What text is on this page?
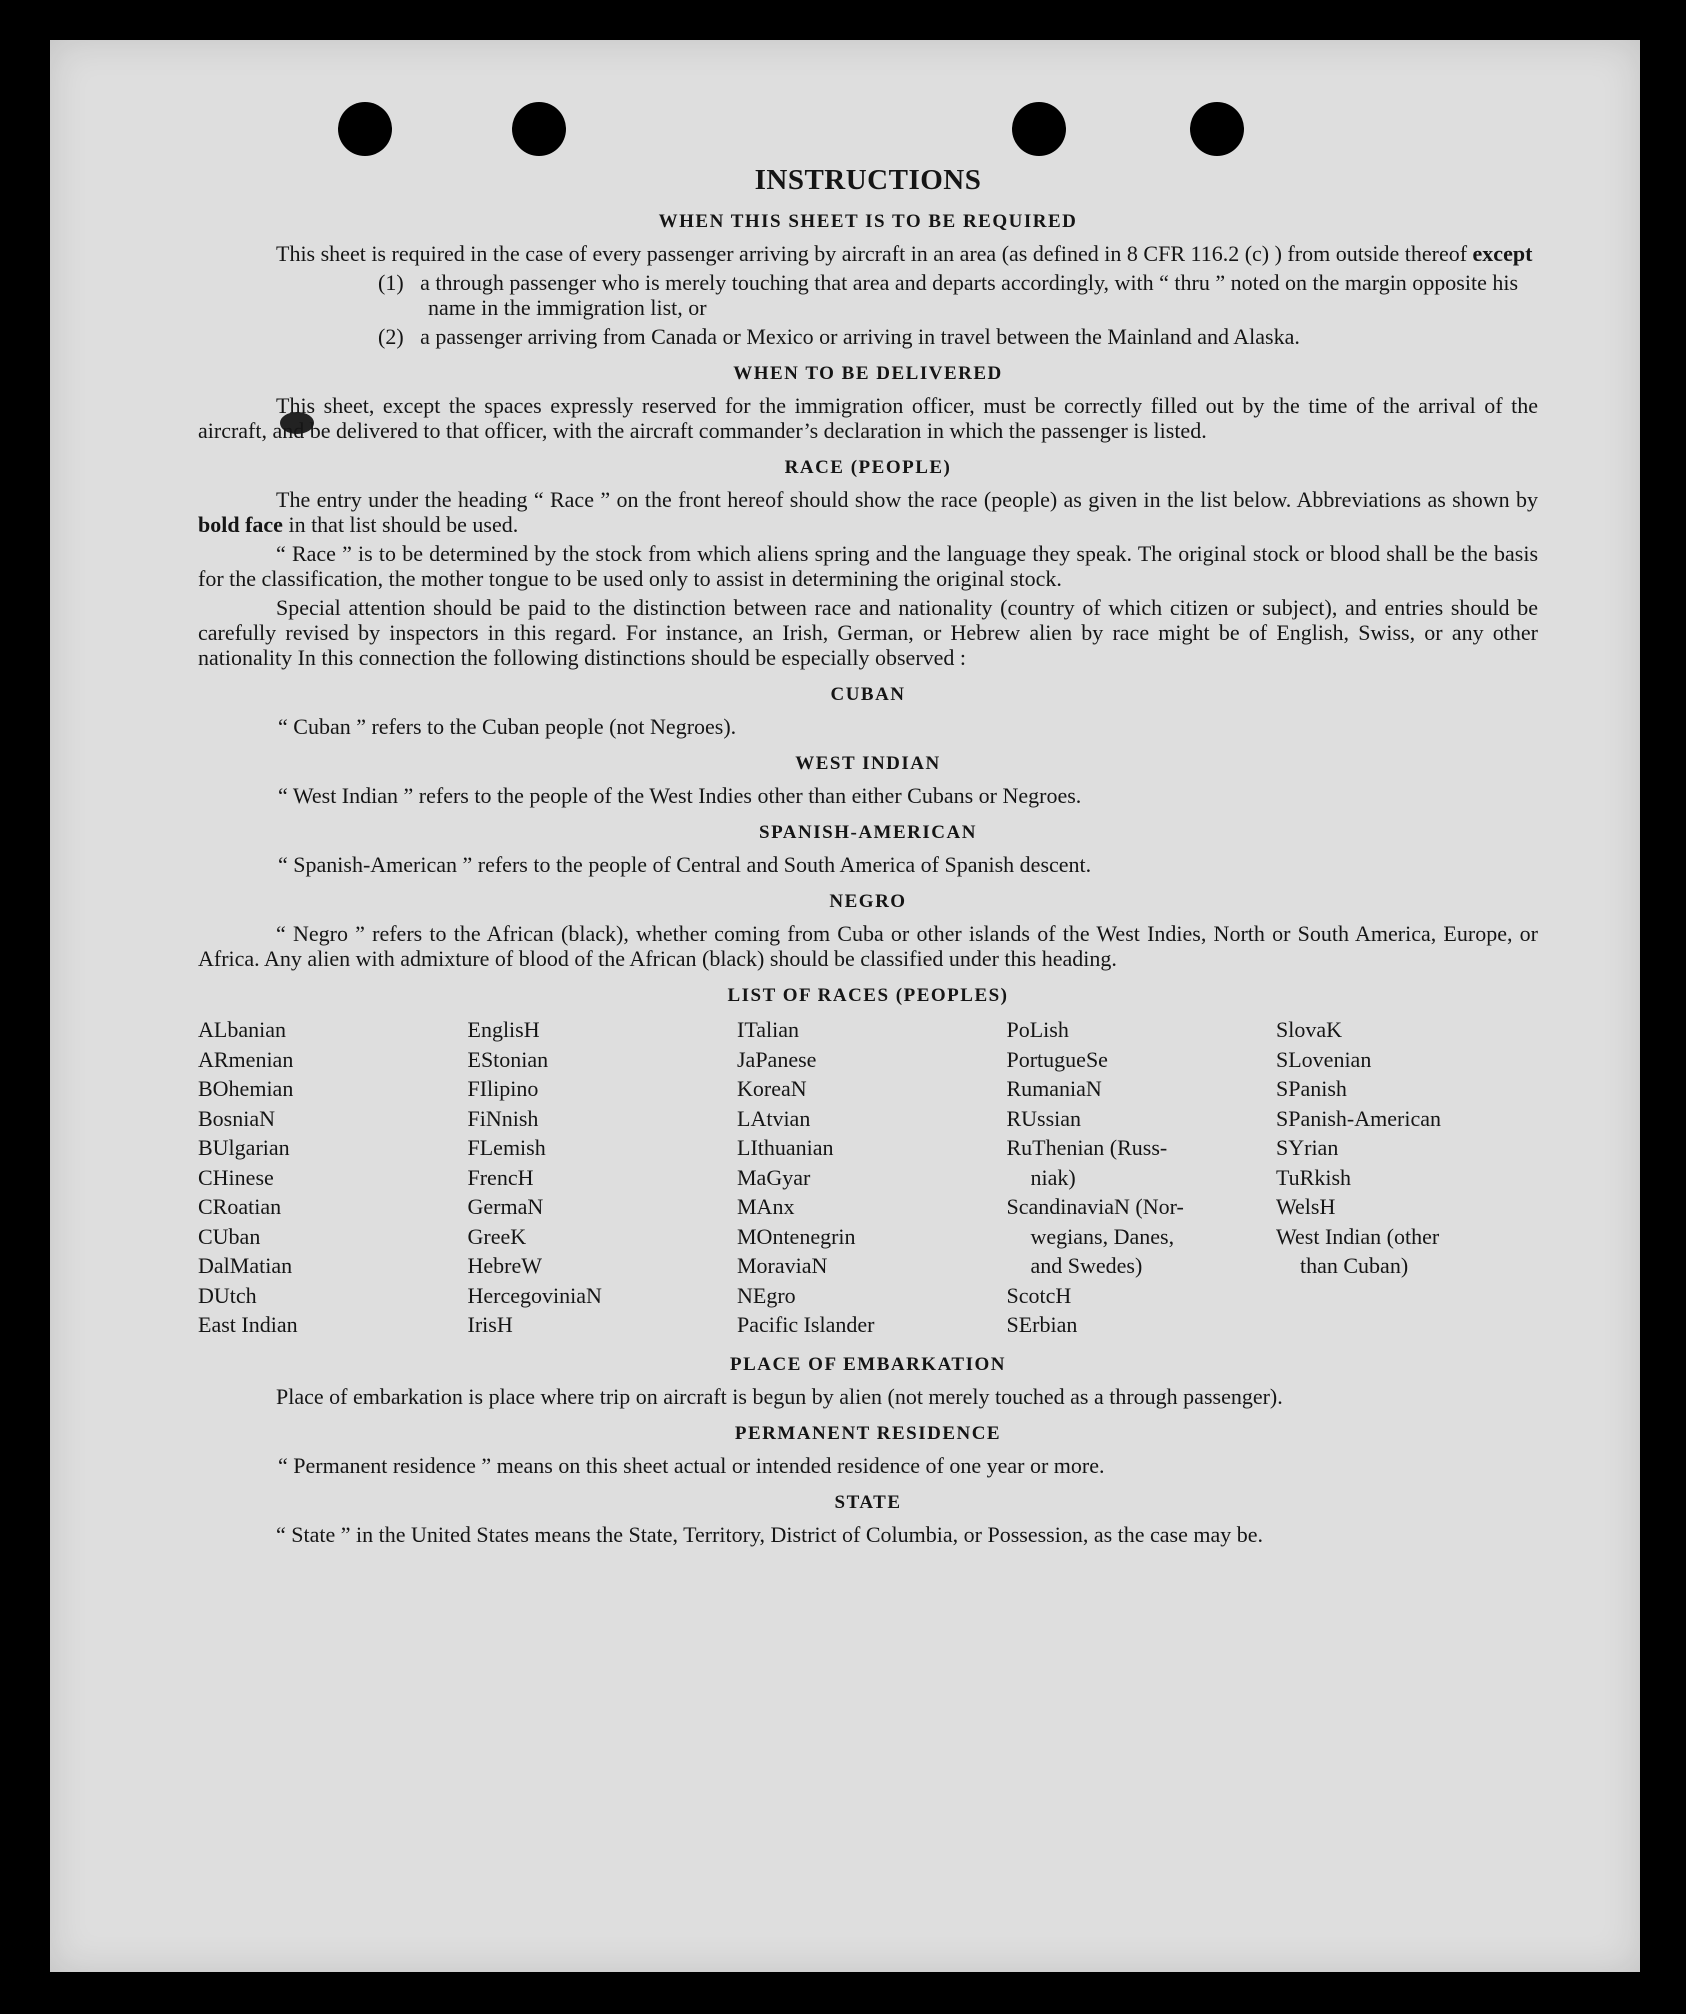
INSTRUCTIONS
WHEN THIS SHEET IS TO BE REQUIRED

This sheet is required in the case of every passenger arriving by aircraft in an area (as defined in 8 CFR 116.2 (c) ) from outside thereof except

(1) a through passenger who is merely touching that area and departs accordingly, with “ thru ” noted on the margin opposite his name in the immigration list, or
(2) a passenger arriving from Canada or Mexico or arriving in travel between the Mainland and Alaska.
WHEN TO BE DELIVERED

This sheet, except the spaces expressly reserved for the immigration officer, must be correctly filled out by the time of the arrival of the aircraft, and be delivered to that officer, with the aircraft commander’s declaration in which the passenger is listed.

RACE (PEOPLE)

The entry under the heading “ Race ” on the front hereof should show the race (people) as given in the list below. Abbreviations as shown by bold face in that list should be used.

“ Race ” is to be determined by the stock from which aliens spring and the language they speak. The original stock or blood shall be the basis for the classification, the mother tongue to be used only to assist in determining the original stock.

Special attention should be paid to the distinction between race and nationality (country of which citizen or subject), and entries should be carefully revised by inspectors in this regard. For instance, an Irish, German, or Hebrew alien by race might be of English, Swiss, or any other nationality In this connection the following distinctions should be especially observed :

CUBAN

“ Cuban ” refers to the Cuban people (not Negroes).

WEST INDIAN

“ West Indian ” refers to the people of the West Indies other than either Cubans or Negroes.

SPANISH-AMERICAN

“ Spanish-American ” refers to the people of Central and South America of Spanish descent.

NEGRO

“ Negro ” refers to the African (black), whether coming from Cuba or other islands of the West Indies, North or South America, Europe, or Africa. Any alien with admixture of blood of the African (black) should be classified under this heading.

LIST OF RACES (PEOPLES)
ALbanian
ARmenian
BOhemian
BosniaN
BUlgarian
CHinese
CRoatian
CUban
DalMatian
DUtch
East Indian
EnglisH
EStonian
FIlipino
FiNnish
FLemish
FrencH
GermaN
GreeK
HebreW
HercegoviniaN
IrisH
ITalian
JaPanese
KoreaN
LAtvian
LIthuanian
MaGyar
MAnx
MOntenegrin
MoraviaN
NEgro
Pacific Islander
PoLish
PortugueSe
RumaniaN
RUssian
RuThenian (Russ-
niak)
ScandinaviaN (Nor-
wegians, Danes,
and Swedes)
ScotcH
SErbian
SlovaK
SLovenian
SPanish
SPanish-American
SYrian
TuRkish
WelsH
West Indian (other
than Cuban)
PLACE OF EMBARKATION

Place of embarkation is place where trip on aircraft is begun by alien (not merely touched as a through passenger).

PERMANENT RESIDENCE

“ Permanent residence ” means on this sheet actual or intended residence of one year or more.

STATE

“ State ” in the United States means the State, Territory, District of Columbia, or Possession, as the case may be.
